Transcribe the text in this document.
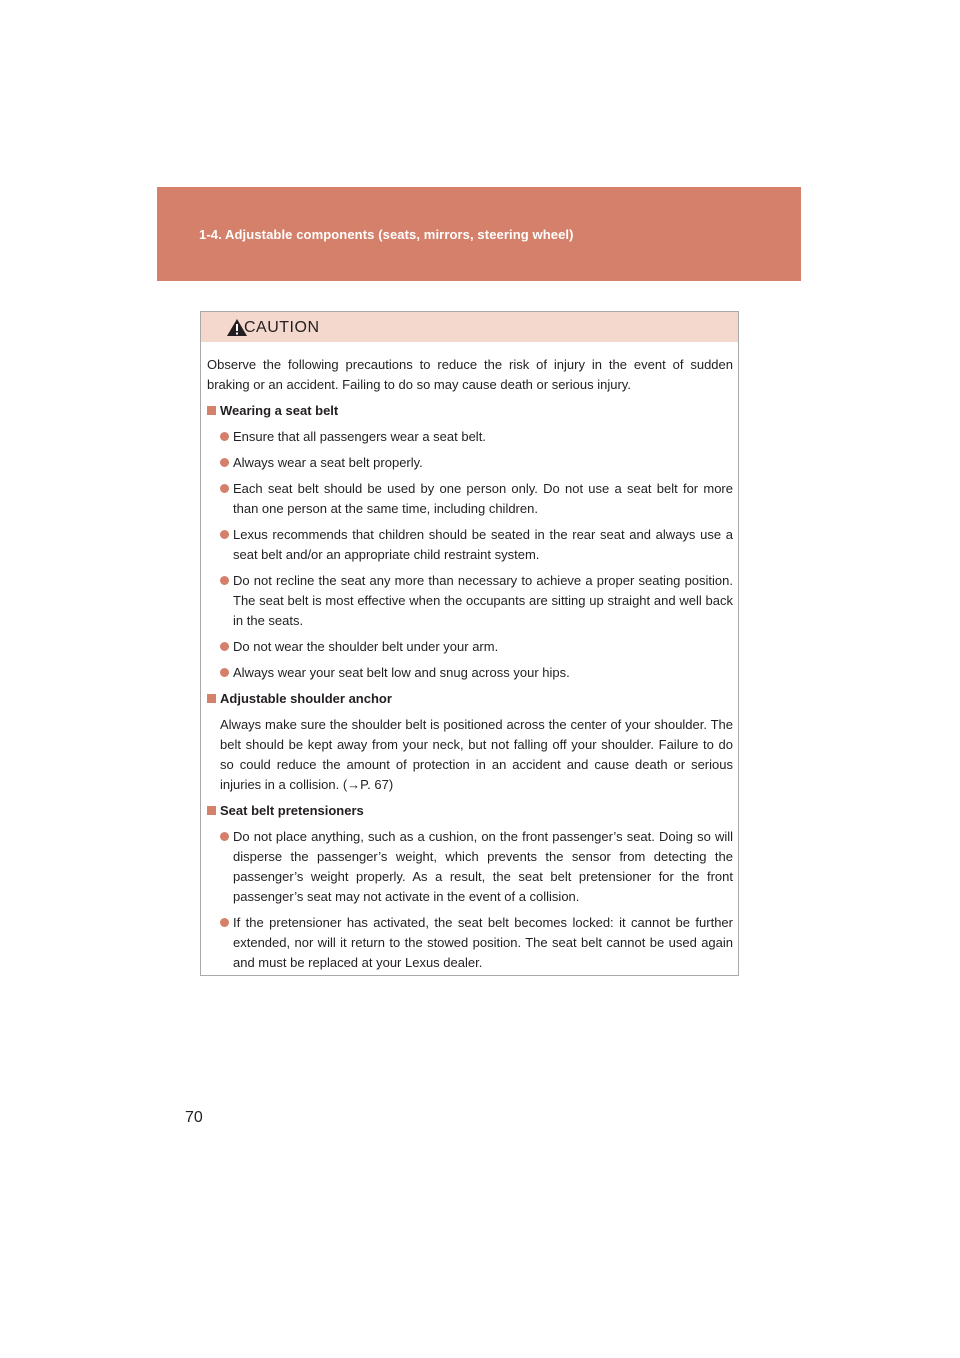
1-4. Adjustable components (seats, mirrors, steering wheel)
CAUTION

Observe the following precautions to reduce the risk of injury in the event of sudden braking or an accident. Failing to do so may cause death or serious injury.

Wearing a seat belt
Ensure that all passengers wear a seat belt.
Always wear a seat belt properly.
Each seat belt should be used by one person only. Do not use a seat belt for more than one person at the same time, including children.
Lexus recommends that children should be seated in the rear seat and always use a seat belt and/or an appropriate child restraint system.
Do not recline the seat any more than necessary to achieve a proper seating position. The seat belt is most effective when the occupants are sitting up straight and well back in the seats.
Do not wear the shoulder belt under your arm.
Always wear your seat belt low and snug across your hips.
Adjustable shoulder anchor

Always make sure the shoulder belt is positioned across the center of your shoulder. The belt should be kept away from your neck, but not falling off your shoulder. Failure to do so could reduce the amount of protection in an accident and cause death or serious injuries in a collision. (→P. 67)

Seat belt pretensioners
Do not place anything, such as a cushion, on the front passenger’s seat. Doing so will disperse the passenger’s weight, which prevents the sensor from detecting the passenger’s weight properly. As a result, the seat belt pretensioner for the front passenger’s seat may not activate in the event of a collision.
If the pretensioner has activated, the seat belt becomes locked: it cannot be further extended, nor will it return to the stowed position. The seat belt cannot be used again and must be replaced at your Lexus dealer.
70
